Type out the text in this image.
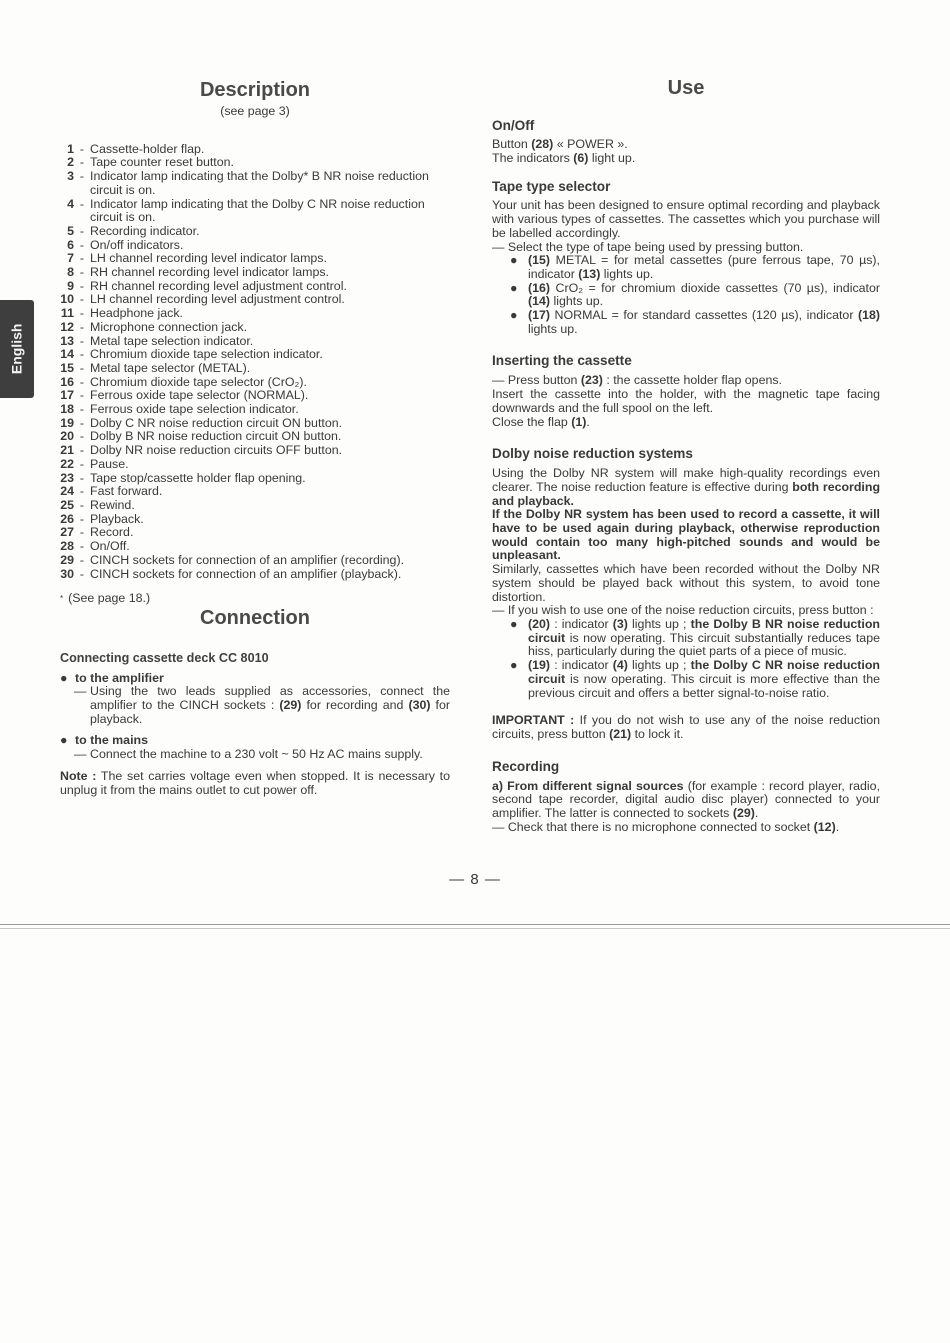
English
Description
(see page 3)
1 - Cassette-holder flap.
2 - Tape counter reset button.
3 - Indicator lamp indicating that the Dolby* B NR noise reduction circuit is on.
4 - Indicator lamp indicating that the Dolby C NR noise reduction circuit is on.
5 - Recording indicator.
6 - On/off indicators.
7 - LH channel recording level indicator lamps.
8 - RH channel recording level indicator lamps.
9 - RH channel recording level adjustment control.
10 - LH channel recording level adjustment control.
11 - Headphone jack.
12 - Microphone connection jack.
13 - Metal tape selection indicator.
14 - Chromium dioxide tape selection indicator.
15 - Metal tape selector (METAL).
16 - Chromium dioxide tape selector (CrO₂).
17 - Ferrous oxide tape selector (NORMAL).
18 - Ferrous oxide tape selection indicator.
19 - Dolby C NR noise reduction circuit ON button.
20 - Dolby B NR noise reduction circuit ON button.
21 - Dolby NR noise reduction circuits OFF button.
22 - Pause.
23 - Tape stop/cassette holder flap opening.
24 - Fast forward.
25 - Rewind.
26 - Playback.
27 - Record.
28 - On/Off.
29 - CINCH sockets for connection of an amplifier (recording).
30 - CINCH sockets for connection of an amplifier (playback).
* (See page 18.)
Connection
Connecting cassette deck CC 8010
● to the amplifier
— Using the two leads supplied as accessories, connect the amplifier to the CINCH sockets : (29) for recording and (30) for playback.
● to the mains
— Connect the machine to a 230 volt ~ 50 Hz AC mains supply.
Note : The set carries voltage even when stopped. It is necessary to unplug it from the mains outlet to cut power off.
Use
On/Off
Button (28) « POWER ».
The indicators (6) light up.
Tape type selector
Your unit has been designed to ensure optimal recording and playback with various types of cassettes. The cassettes which you purchase will be labelled accordingly.
— Select the type of tape being used by pressing button.
● (15) METAL = for metal cassettes (pure ferrous tape, 70 µs), indicator (13) lights up.
● (16) CrO₂ = for chromium dioxide cassettes (70 µs), indicator (14) lights up.
● (17) NORMAL = for standard cassettes (120 µs), indicator (18) lights up.
Inserting the cassette
— Press button (23) : the cassette holder flap opens.
Insert the cassette into the holder, with the magnetic tape facing downwards and the full spool on the left.
Close the flap (1).
Dolby noise reduction systems
Using the Dolby NR system will make high-quality recordings even clearer. The noise reduction feature is effective during both recording and playback.
If the Dolby NR system has been used to record a cassette, it will have to be used again during playback, otherwise reproduction would contain too many high-pitched sounds and would be unpleasant.
Similarly, cassettes which have been recorded without the Dolby NR system should be played back without this system, to avoid tone distortion.
— If you wish to use one of the noise reduction circuits, press button :
● (20) : indicator (3) lights up ; the Dolby B NR noise reduction circuit is now operating. This circuit substantially reduces tape hiss, particularly during the quiet parts of a piece of music.
● (19) : indicator (4) lights up ; the Dolby C NR noise reduction circuit is now operating. This circuit is more effective than the previous circuit and offers a better signal-to-noise ratio.
IMPORTANT : If you do not wish to use any of the noise reduction circuits, press button (21) to lock it.
Recording
a) From different signal sources (for example : record player, radio, second tape recorder, digital audio disc player) connected to your amplifier. The latter is connected to sockets (29).
— Check that there is no microphone connected to socket (12).
— 8 —
